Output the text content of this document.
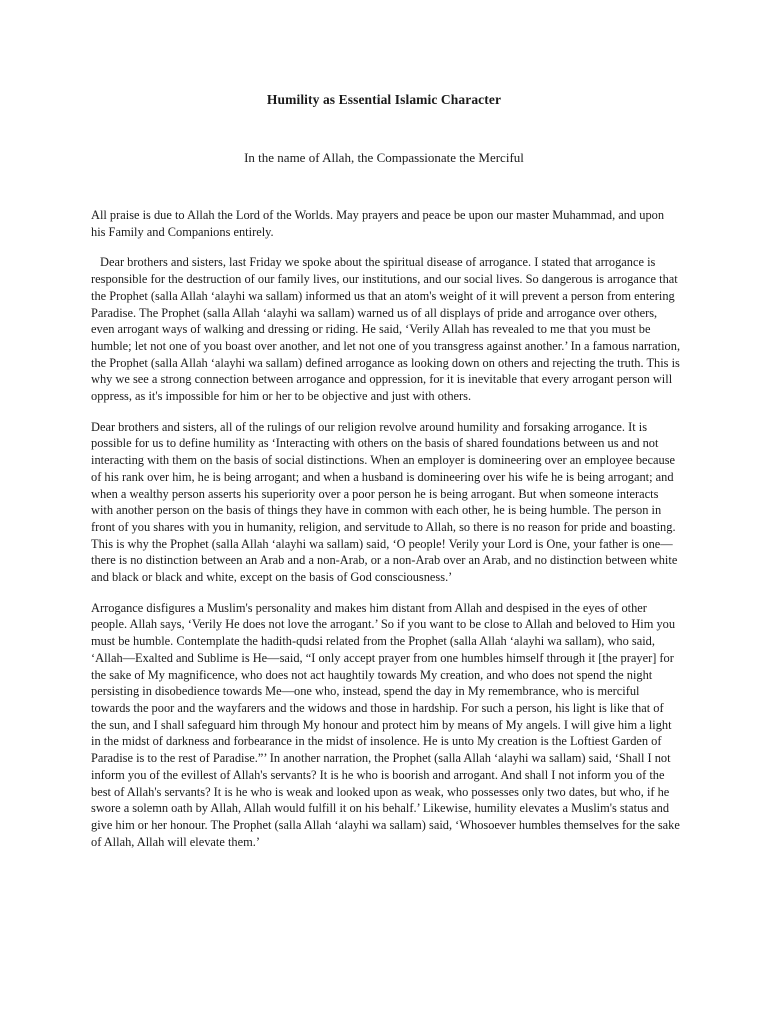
Humility as Essential Islamic Character
In the name of Allah, the Compassionate the Merciful

All praise is due to Allah the Lord of the Worlds. May prayers and peace be upon our master Muhammad, and upon his Family and Companions entirely.

Dear brothers and sisters, last Friday we spoke about the spiritual disease of arrogance. I stated that arrogance is responsible for the destruction of our family lives, our institutions, and our social lives. So dangerous is arrogance that the Prophet (salla Allah ‘alayhi wa sallam) informed us that an atom's weight of it will prevent a person from entering Paradise. The Prophet (salla Allah ‘alayhi wa sallam) warned us of all displays of pride and arrogance over others, even arrogant ways of walking and dressing or riding. He said, ‘Verily Allah has revealed to me that you must be humble; let not one of you boast over another, and let not one of you transgress against another.’ In a famous narration, the Prophet (salla Allah ‘alayhi wa sallam) defined arrogance as looking down on others and rejecting the truth. This is why we see a strong connection between arrogance and oppression, for it is inevitable that every arrogant person will oppress, as it's impossible for him or her to be objective and just with others.

Dear brothers and sisters, all of the rulings of our religion revolve around humility and forsaking arrogance. It is possible for us to define humility as ‘Interacting with others on the basis of shared foundations between us and not interacting with them on the basis of social distinctions. When an employer is domineering over an employee because of his rank over him, he is being arrogant; and when a husband is domineering over his wife he is being arrogant; and when a wealthy person asserts his superiority over a poor person he is being arrogant. But when someone interacts with another person on the basis of things they have in common with each other, he is being humble. The person in front of you shares with you in humanity, religion, and servitude to Allah, so there is no reason for pride and boasting. This is why the Prophet (salla Allah ‘alayhi wa sallam) said, ‘O people! Verily your Lord is One, your father is one—there is no distinction between an Arab and a non-Arab, or a non-Arab over an Arab, and no distinction between white and black or black and white, except on the basis of God consciousness.’

Arrogance disfigures a Muslim's personality and makes him distant from Allah and despised in the eyes of other people. Allah says, ‘Verily He does not love the arrogant.’ So if you want to be close to Allah and beloved to Him you must be humble. Contemplate the hadith-qudsi related from the Prophet (salla Allah ‘alayhi wa sallam), who said, ‘Allah—Exalted and Sublime is He—said, “I only accept prayer from one humbles himself through it [the prayer] for the sake of My magnificence, who does not act haughtily towards My creation, and who does not spend the night persisting in disobedience towards Me—one who, instead, spend the day in My remembrance, who is merciful towards the poor and the wayfarers and the widows and those in hardship. For such a person, his light is like that of the sun, and I shall safeguard him through My honour and protect him by means of My angels. I will give him a light in the midst of darkness and forbearance in the midst of insolence. He is unto My creation is the Loftiest Garden of Paradise is to the rest of Paradise.”’ In another narration, the Prophet (salla Allah ‘alayhi wa sallam) said, ‘Shall I not inform you of the evillest of Allah's servants? It is he who is boorish and arrogant. And shall I not inform you of the best of Allah's servants? It is he who is weak and looked upon as weak, who possesses only two dates, but who, if he swore a solemn oath by Allah, Allah would fulfill it on his behalf.’ Likewise, humility elevates a Muslim's status and give him or her honour. The Prophet (salla Allah ‘alayhi wa sallam) said, ‘Whosoever humbles themselves for the sake of Allah, Allah will elevate them.’
